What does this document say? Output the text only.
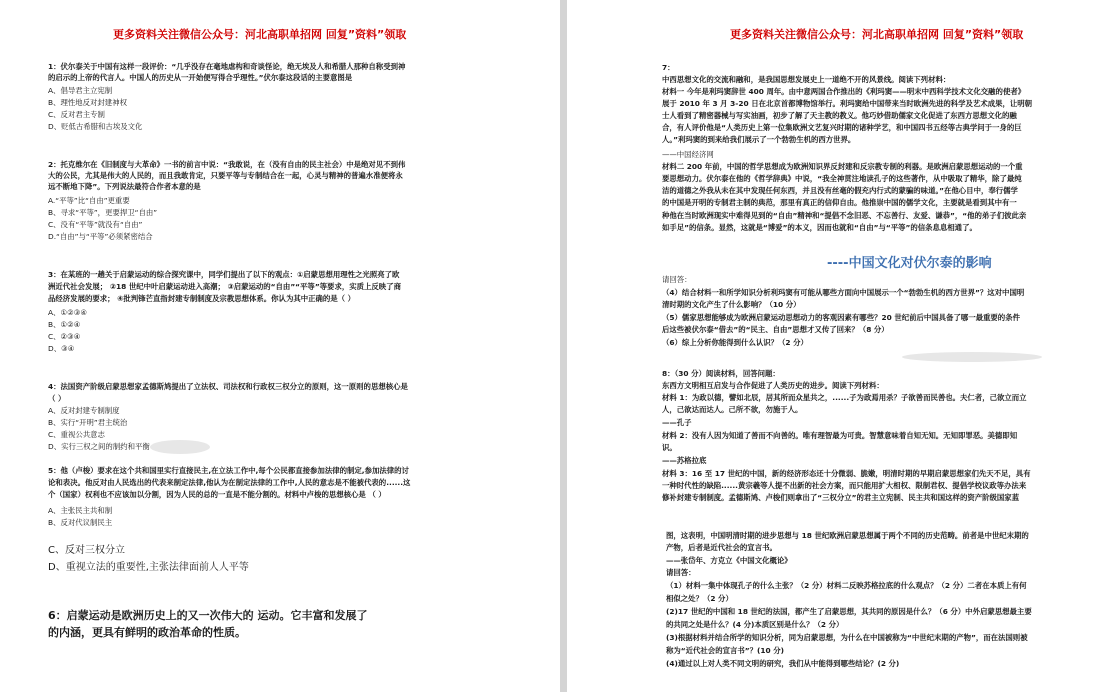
更多资料关注微信公众号：河北高职单招网 回复”资料”领取
1：伏尔泰关于中国有这样一段评价：“几乎没存在毫地虐构和奇谈怪论，绝无埃及人和希腊人那种自称受到神
的启示的上帝的代言人。中国人的历史从一开始便写得合乎理性。”伏尔泰这段话的主要意图是
A、倡导君主立宪制
B、理性地反对封建神权
C、反对君主专制
D、贬低古希腊和古埃及文化
2：托克维尔在《旧制度与大革命》一书的前言中说：“我敢说，在（没有自由的民主社会）中是绝对见不到伟
大的公民，尤其是伟大的人民的，而且我敢肯定，只要平等与专制结合在一起，心灵与精神的普遍水准便将永
远不断地下降”。下列说法最符合作者本意的是
A.“平等”比“自由”更重要
B、寻求“平等”，更要捍卫“自由”
C、没有“平等”就没有“自由”
D.“自由”与“平等”必须紧密结合
3：在某班的一趟关于启蒙运动的综合探究课中，同学们提出了以下的观点：①启蒙思想用理性之光照亮了欧
洲近代社会发展； ②18 世纪中叶启蒙运动进入高潮； ③启蒙运动的“自由”“平等”等要求，实质上反映了商
品经济发展的要求； ④批判锋芒直指封建专制制度及宗教思想体系。你认为其中正确的是（ ）
A、①②③④
B、①②④
C、②③④
D、③④
4：法国资产阶级启蒙思想家孟德斯鸠提出了立法权、司法权和行政权三权分立的原则，这一原则的思想核心是
（ ）
A、反对封建专制制度
B、实行“开明”君主统治
C、重视公共意志
D、实行三权之间的制约和平衡
5：他（卢梭）要求在这个共和国里实行直接民主,在立法工作中,每个公民都直接参加法律的制定,参加法律的讨
论和表决。他反对由人民选出的代表来制定法律,他认为在制定法律的工作中,人民的意志是不能被代表的......这
个（国家）权利也不应该加以分割，因为人民的总的一直是不能分割的。材料中卢梭的思想核心是 （ ）
A、主张民主共和制
B、反对代议制民主
C、反对三权分立
D、重视立法的重要性,主张法律面前人人平等
6：启蒙运动是欧洲历史上的又一次伟大的 运动。它丰富和发展了
的内涵，更具有鲜明的政治革命的性质。
更多资料关注微信公众号：河北高职单招网 回复”资料”领取
7：
中西思想文化的交流和融和，是我国思想发展史上一道绝不开的风景线。阅读下列材料：
材料一 今年是利玛窦辞世 400 周年。由中意两国合作推出的《利玛窦——明末中西科学技术文化交融的使者》
展于 2010 年 3 月 3-20 日在北京首都博物馆举行。利玛窦给中国带来当时欧洲先进的科学及艺术成果，让明朝
士人看到了精密器械与写实油画，初步了解了天主教的教义。他巧妙借助儒家文化促进了东西方思想文化的融
合，有人评价他是“人类历史上第一位集欧洲文艺复兴时期的诸种学艺，和中国四书五经等古典学问于一身的巨
人。”利玛窦的到来给我们展示了一个勃勃生机的西方世界。
——中国经济网
材料二 200 年前，中国的哲学思想成为欧洲知识界反封建和反宗教专制的利器。是欧洲启蒙思想运动的一个重
要思想动力。伏尔泰在他的《哲学辞典》中说，“我全神贯注地读孔子的这些著作，从中吸取了精华，除了最纯
洁的道德之外我从未在其中发现任何东西，并且没有丝毫的假充内行式的蒙骗的味道。”在他心目中，奉行儒学
的中国是开明的专制君主制的典范，那里有真正的信仰自由。他推崇中国的儒学文化，主要就是看到其中有一
种他在当时欧洲现实中难得见到的“自由”精神和“提倡不念旧恶、不忘善行、友爱、谦恭”，“他的弟子们彼此亲
如手足”的信条。显然，这就是“博爱”的本义，因而也就和“自由”与“平等”的信条息息相通了。
----中国文化对伏尔泰的影响
请回答：
（4）结合材料一和所学知识分析利玛窦有可能从哪些方面向中国展示一个“勃勃生机的西方世界”？这对中国明
清时期的文化产生了什么影响？（10 分）
（5）儒家思想能够成为欧洲启蒙运动思想动力的客观因素有哪些？20 世纪前后中国具备了哪一最重要的条件
后这些被伏尔泰“借去”的“民主、自由”思想才又传了回来？（8 分）
（6）综上分析你能得到什么认识？（2 分）
8：（30 分）阅读材料，回答问题：
东西方文明相互启发与合作促进了人类历史的进步。阅读下列材料：
材料 1：为政以德，譬如北辰，居其所而众星共之，......子为政焉用杀？子欲善而民善也。夫仁者，己欲立而立
人，己欲达而达人。己所不欲，勿施于人。
——孔子
材料 2：没有人因为知道了善而不向善的。唯有理智最为可贵。智慧意味着自知无知。无知即罪恶。美德即知
识。
——苏格拉底
材料 3：16 至 17 世纪的中国，新的经济形态还十分微弱、脆嫩，明清时期的早期启蒙思想家们先天不足，具有
一种时代性的缺陷......黄宗羲等人提不出新的社会方案，而只能用扩大相权、限制君权、提倡学校议政等办法来
修补封建专制制度。孟德斯鸠、卢梭们则拿出了“三权分立”的君主立宪制、民主共和国这样的资产阶级国家蓝
图，这表明，中国明清时期的进步思想与 18 世纪欧洲启蒙思想属于两个不同的历史范畴。前者是中世纪末期的
产物，后者是近代社会的宣言书。
——张岱年、方克立《中国文化概论》
请回答：
（1）材料一集中体现孔子的什么主张？（2 分）材料二反映苏格拉底的什么观点？（2 分）二者在本质上有何
相似之处？（2 分）
(2)17 世纪的中国和 18 世纪的法国，都产生了启蒙思想，其共同的原因是什么？（6 分）中外启蒙思想最主要
的共同之处是什么？(4 分)本质区别是什么？（2 分）
(3)根据材料并结合所学的知识分析，同为启蒙思想，为什么在中国被称为“中世纪末期的产物”，而在法国则被
称为“近代社会的宣言书”？(10 分)
(4)通过以上对人类不同文明的研究，我们从中能得到哪些结论？(2 分)
